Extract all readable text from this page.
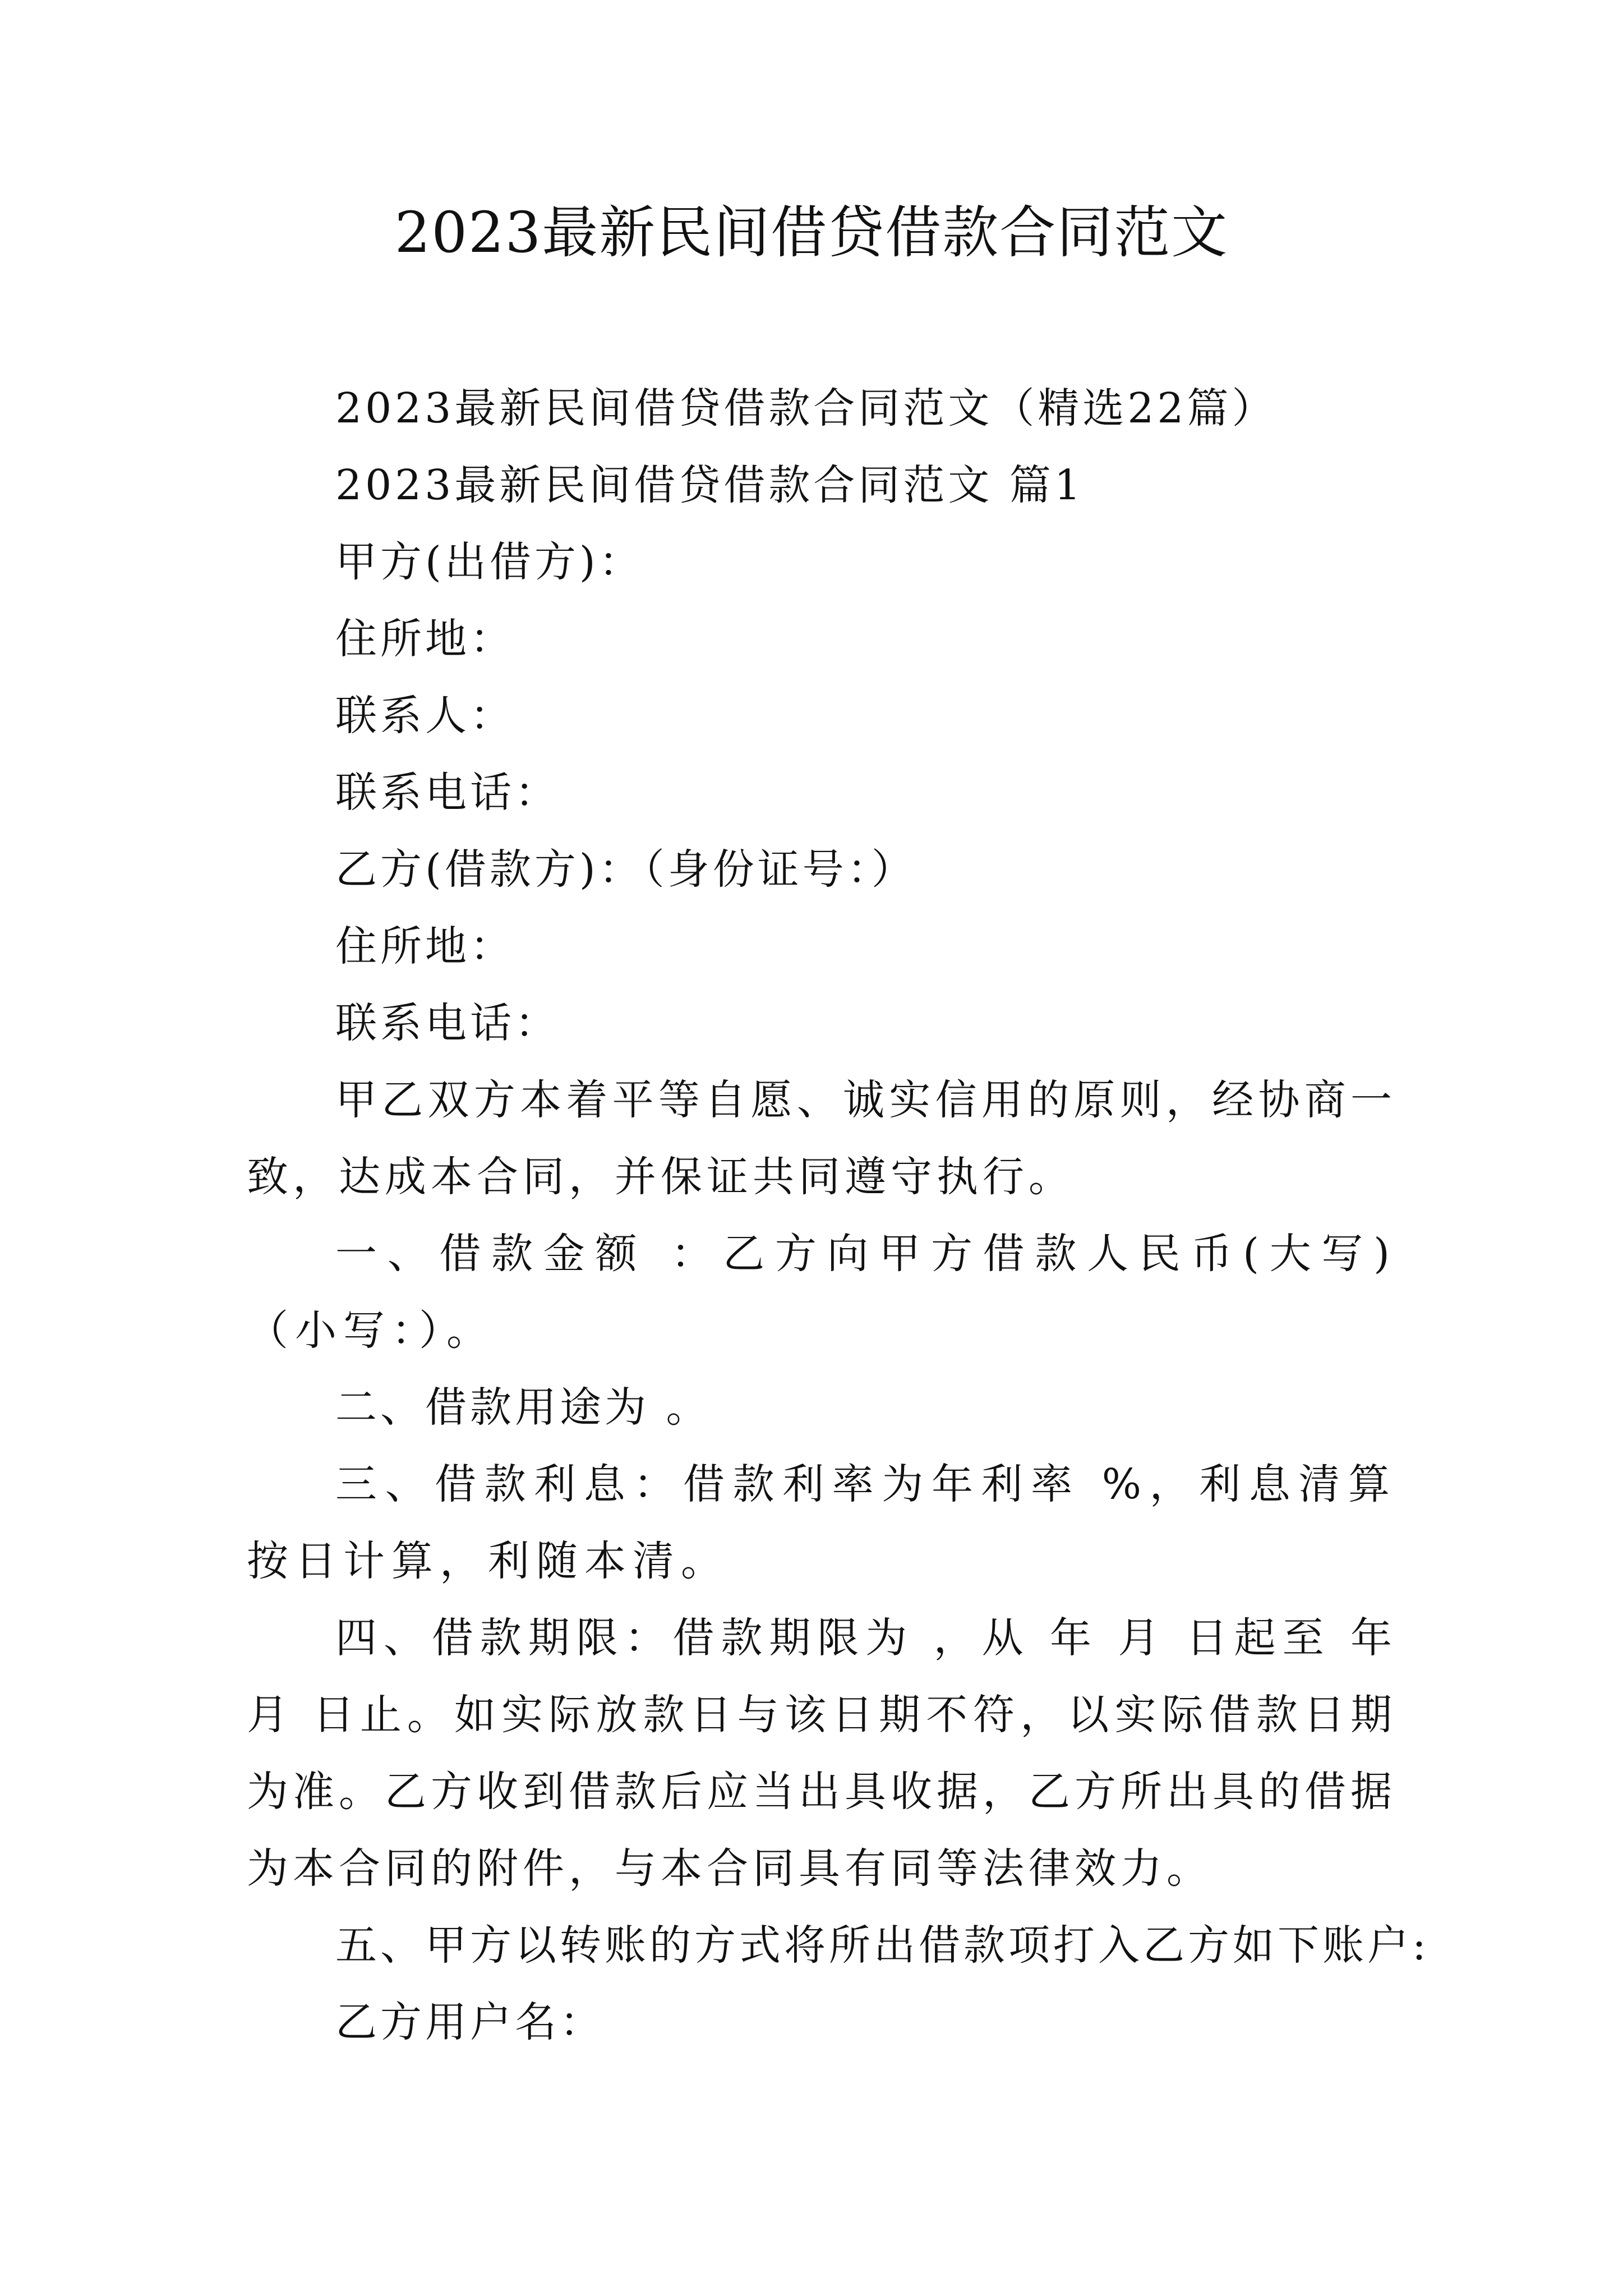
2023最新民间借贷借款合同范文

2023最新民间借贷借款合同范文（精选22篇）

2023最新民间借贷借款合同范文 篇1

甲方(出借方)：

住所地：

联系人：

联系电话：

乙方(借款方)：（身份证号：）

住所地：

联系电话：

甲乙双方本着平等自愿、诚实信用的原则，经协商一致，达成本合同，并保证共同遵守执行。

一、借款金额 ：乙方向甲方借款人民币(大写)（小写：）。

二、借款用途为 。

三、借款利息：借款利率为年利率 %，利息清算按日计算，利随本清。

四、借款期限：借款期限为 ，从 年 月 日起至 年 月 日止。如实际放款日与该日期不符，以实际借款日期为准。乙方收到借款后应当出具收据，乙方所出具的借据为本合同的附件，与本合同具有同等法律效力。

五、甲方以转账的方式将所出借款项打入乙方如下账户:

乙方用户名：
